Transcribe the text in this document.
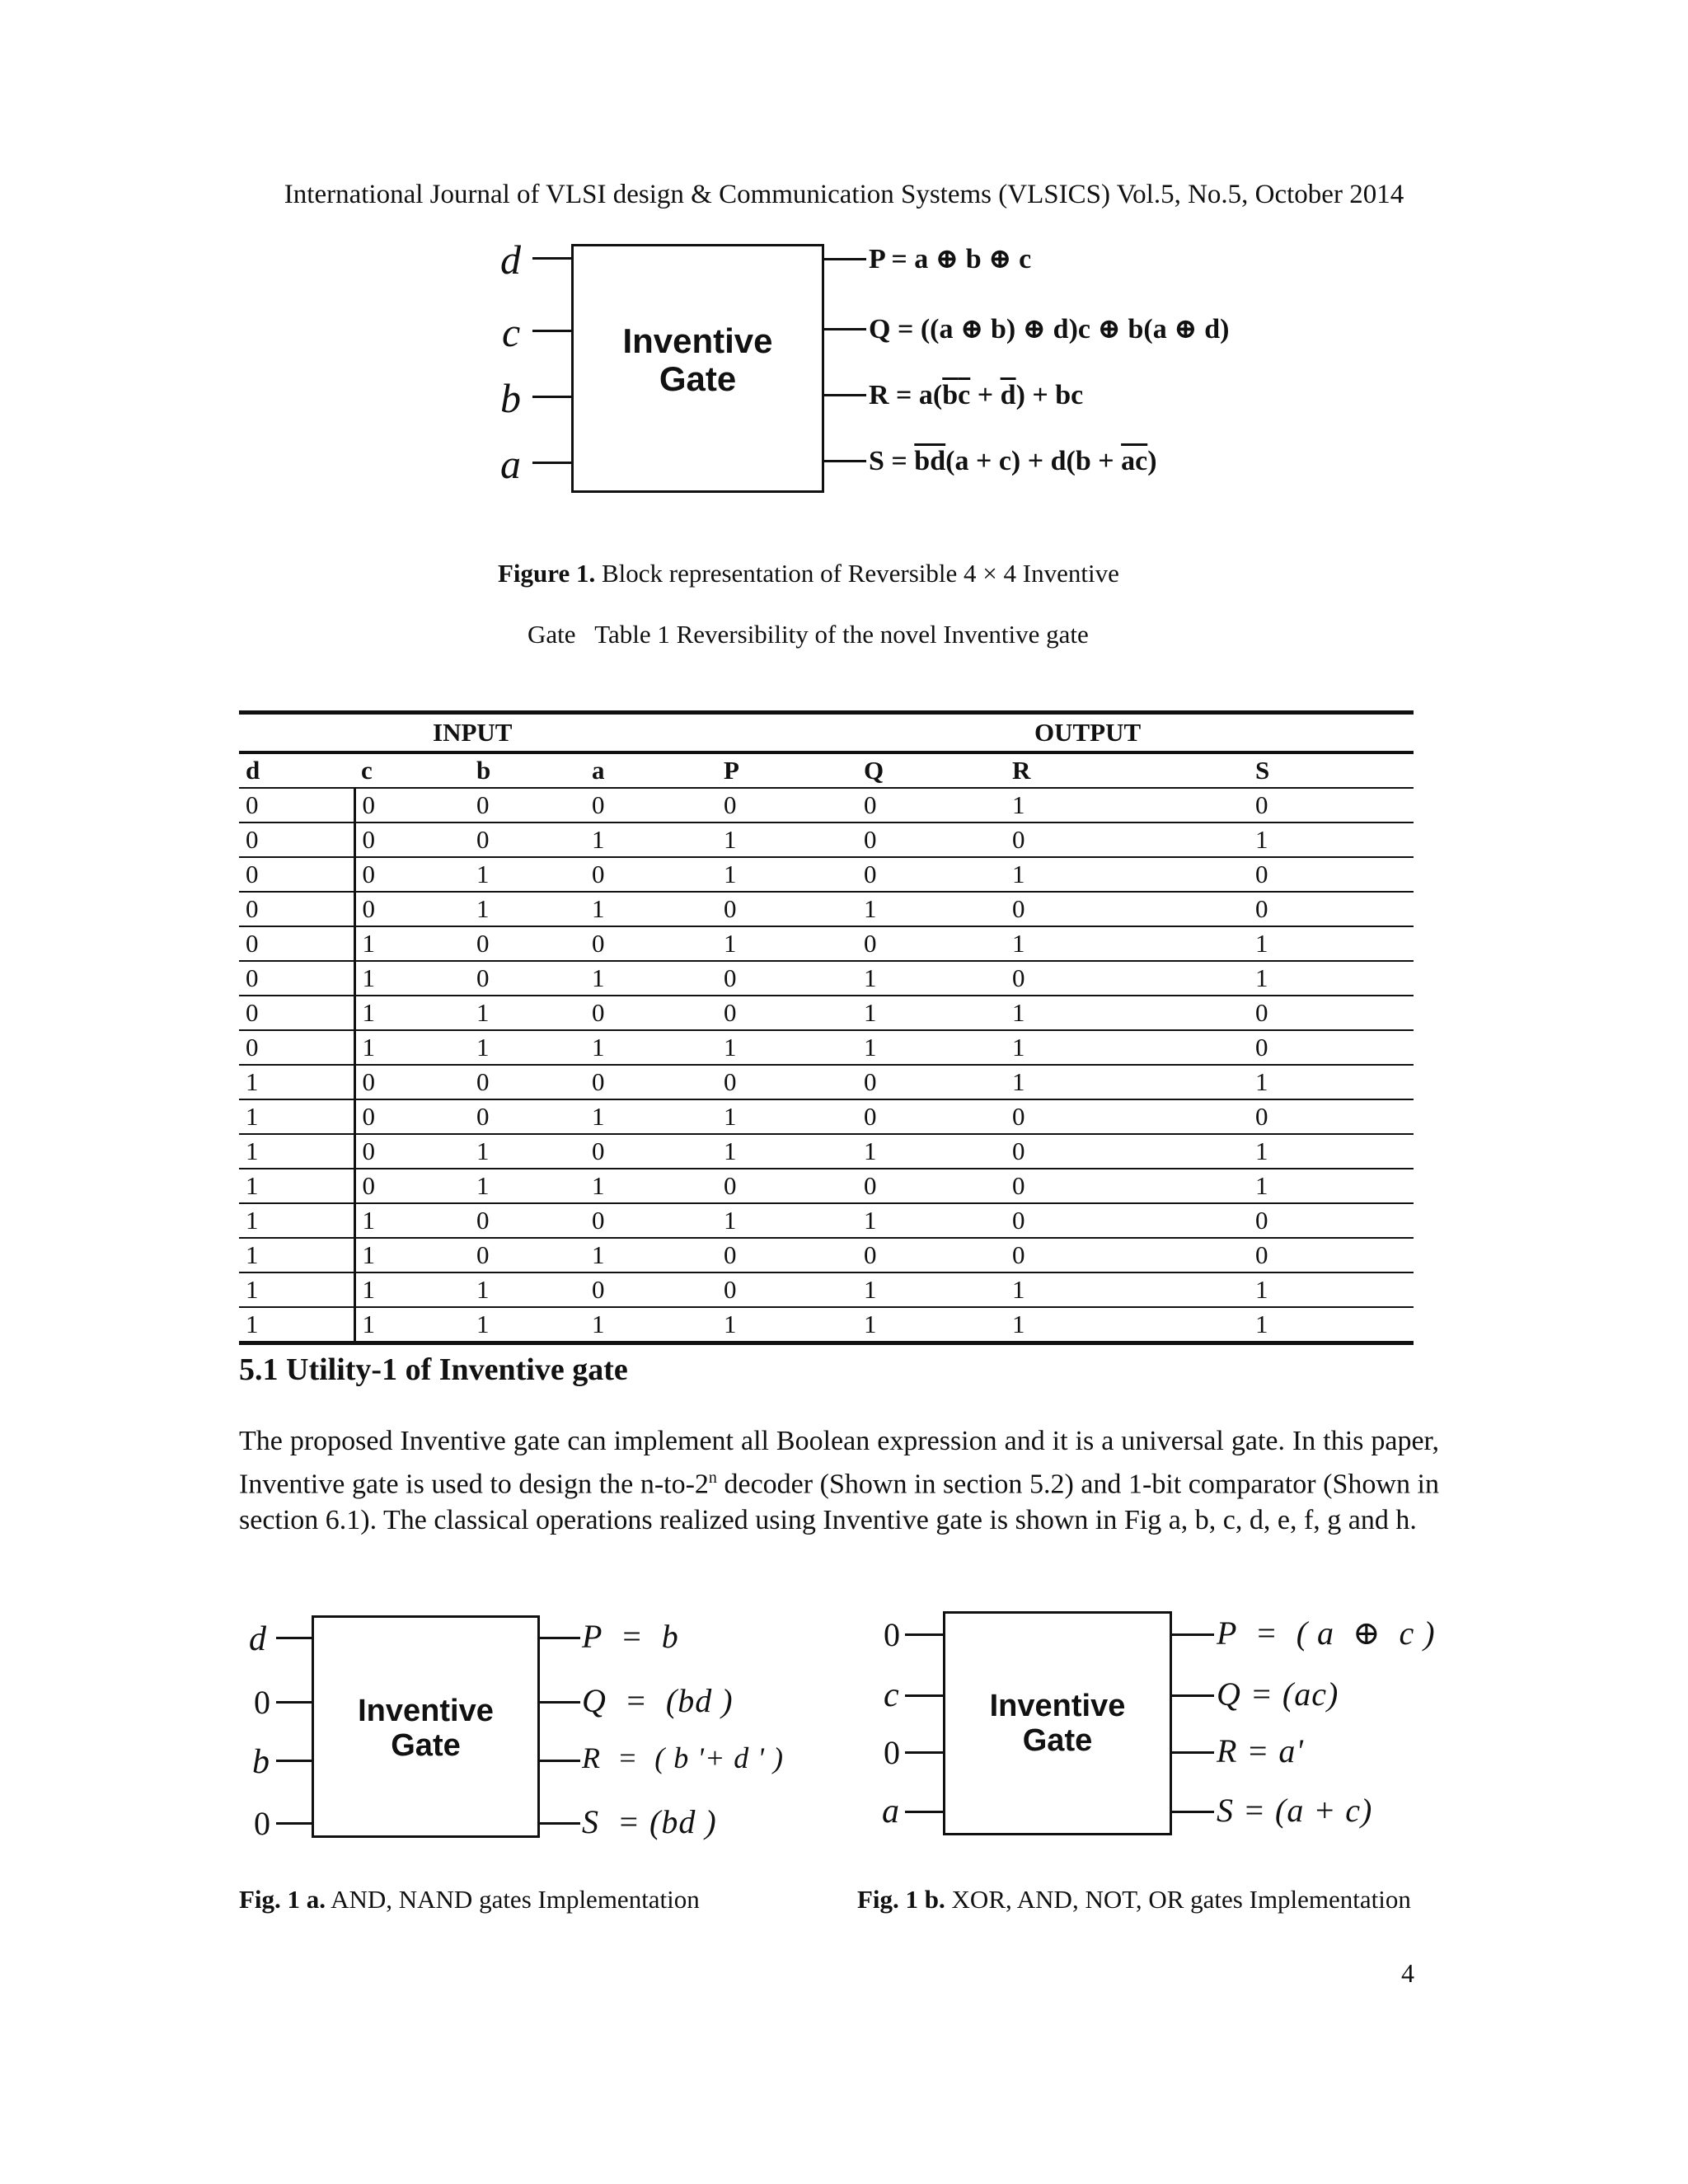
International Journal of VLSI design & Communication Systems (VLSICS) Vol.5, No.5, October 2014
Inventive
Gate
d
c
b
a
P = a ⊕ b ⊕ c
Q = ((a ⊕ b) ⊕ d)c ⊕ b(a ⊕ d)
$R = a(\overline{b}\overline{c} + \overline{d})$ + bc
$S = \overline{bd}(a + c) + d(b + \overline{ac})$
Figure 1. Block representation of Reversible 4 × 4 Inventive
Gate   Table 1 Reversibility of the novel Inventive gate
INPUT				OUTPUT			
d	c	b	a	P	Q	R	S
0	0	0	0	0	0	1	0
0	0	0	1	1	0	0	1
0	0	1	0	1	0	1	0
0	0	1	1	0	1	0	0
0	1	0	0	1	0	1	1
0	1	0	1	0	1	0	1
0	1	1	0	0	1	1	0
0	1	1	1	1	1	1	0
1	0	0	0	0	0	1	1
1	0	0	1	1	0	0	0
1	0	1	0	1	1	0	1
1	0	1	1	0	0	0	1
1	1	0	0	1	1	0	0
1	1	0	1	0	0	0	0
1	1	1	0	0	1	1	1
1	1	1	1	1	1	1	1
5.1 Utility-1 of Inventive gate
The proposed Inventive gate can implement all Boolean expression and it is a universal gate. In this paper, Inventive gate is used to design the n-to-2$^n$ decoder (Shown in section 5.2) and 1-bit comparator (Shown in section 6.1). The classical operations realized using Inventive gate is shown in Fig a, b, c, d, e, f, g and h.
Inventive
Gate
d
0
b
0
P  =  b
Q  =  (bd )
R  =  ( b '+ d ' )
S  = (bd )
Fig. 1 a. AND, NAND gates Implementation
Inventive
Gate
0
c
0
a
P  =  ( a  ⊕  c )
Q = (ac)
R = a'
S = (a + c)
Fig. 1 b. XOR, AND, NOT, OR gates Implementation
4
